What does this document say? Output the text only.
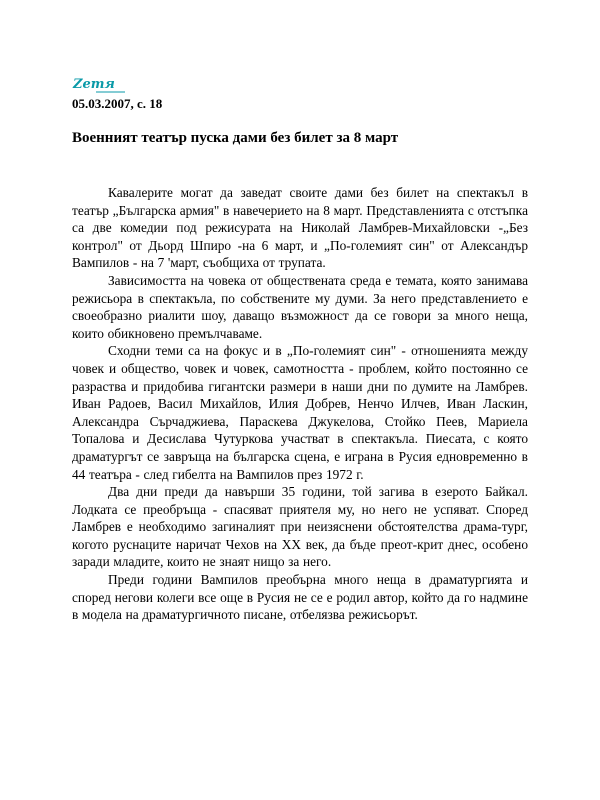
Zemя
05.03.2007, с. 18
Военният театър пуска дами без билет за 8 март

Кавалерите могат да заведат своите дами без билет на спектакъл в театър „Българска армия" в навечерието на 8 март. Представленията с отстъпка са две комедии под режисурата на Николай Ламбрев-Михайловски -„Без контрол" от Дьорд Шпиро -на 6 март, и „По-големият син" от Александър Вампилов - на 7 'март, съобщиха от трупата.

Зависимостта на човека от обществената среда е темата, която занимава режисьора в спектакъла, по собствените му думи. За него представлението е своеобразно риалити шоу, даващо възможност да се говори за много неща, които обикновено премълчаваме.

Сходни теми са на фокус и в „По-големият син" - отношенията между човек и общество, човек и човек, самотността - проблем, който постоянно се разраства и придобива гигантски размери в наши дни по думите на Ламбрев. Иван Радоев, Васил Михайлов, Илия Добрев, Ненчо Илчев, Иван Ласкин, Александра Сърчаджиева, Параскева Джукелова, Стойко Пеев, Мариела Топалова и Десислава Чутуркова участват в спектакъла. Пиесата, с която драматургът се завръща на българска сцена, е играна в Русия едновременно в 44 театъра - след гибелта на Вампилов през 1972 г.

Два дни преди да навърши 35 години, той загива в езерото Байкал. Лодката се преобръща - спасяват приятеля му, но него не успяват. Според Ламбрев е необходимо загиналият при неизяснени обстоятелства драма-тург, когото руснаците наричат Чехов на XX век, да бъде преот-крит днес, особено заради младите, които не знаят нищо за него.

Преди години Вампилов преобърна много неща в драматургията и според негови колеги все още в Русия не се е родил автор, който да го надмине в модела на драматургичното писане, отбелязва режисьорът.
